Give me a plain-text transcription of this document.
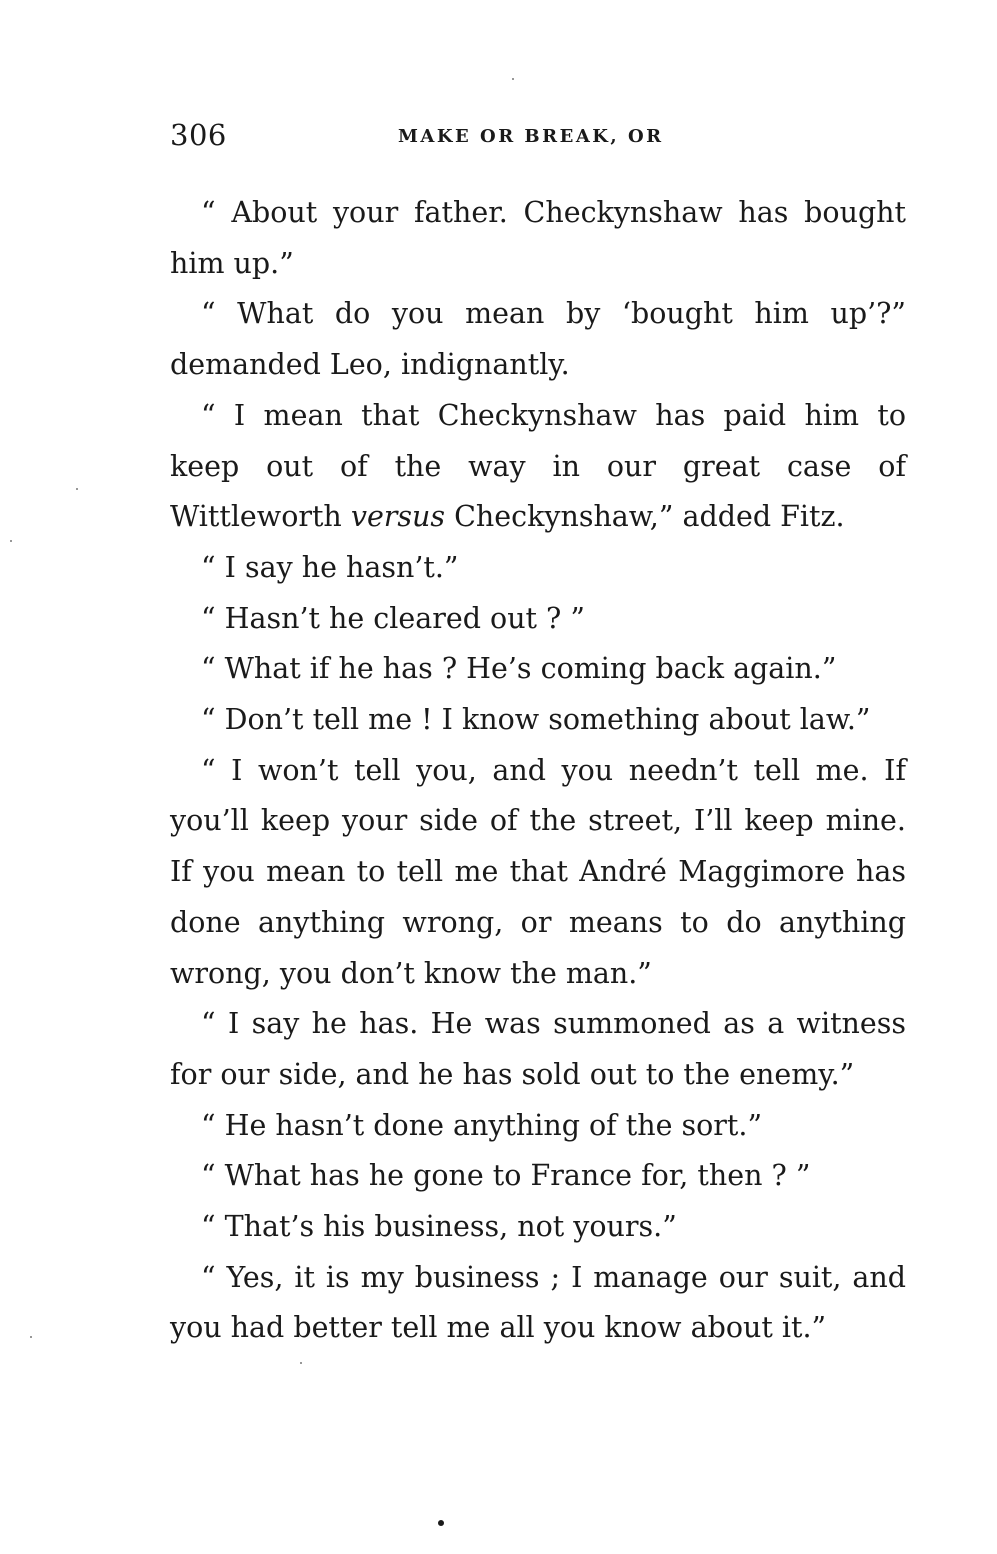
306	MAKE OR BREAK, OR

“ About your father. Checkynshaw has bought him up.”

“ What do you mean by ‘bought him up’?” demanded Leo, indignantly.

“ I mean that Checkynshaw has paid him to keep out of the way in our great case of Wittleworth versus Checkynshaw,” added Fitz.

“ I say he hasn’t.”

“ Hasn’t he cleared out ? ”

“ What if he has ? He’s coming back again.”

“ Don’t tell me ! I know something about law.”

“ I won’t tell you, and you needn’t tell me. If you’ll keep your side of the street, I’ll keep mine. If you mean to tell me that André Maggimore has done anything wrong, or means to do anything wrong, you don’t know the man.”

“ I say he has. He was summoned as a witness for our side, and he has sold out to the enemy.”

“ He hasn’t done anything of the sort.”

“ What has he gone to France for, then ? ”

“ That’s his business, not yours.”

“ Yes, it is my business ; I manage our suit, and you had better tell me all you know about it.”
